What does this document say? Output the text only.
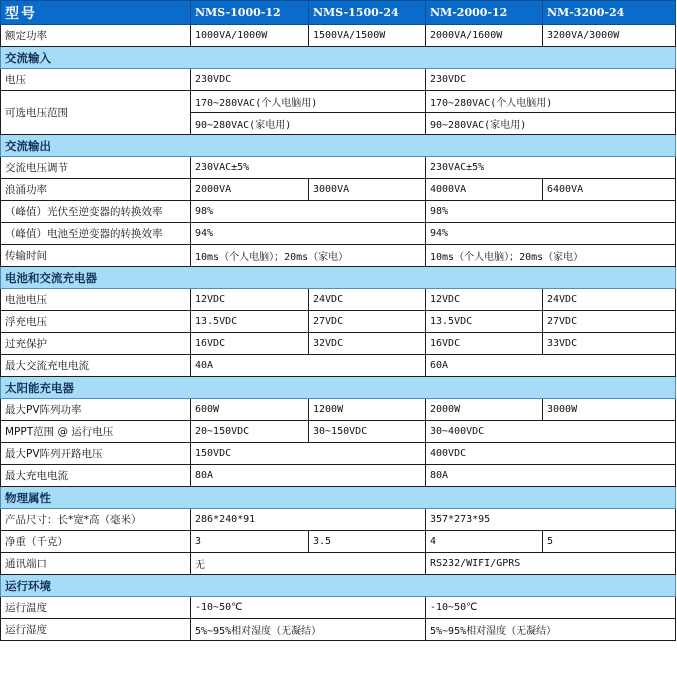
型号	NMS-1000-12	NMS-1500-24	NM-2000-12	NM-3200-24
额定功率	1000VA/1000W	1500VA/1500W	2000VA/1600W	3200VA/3000W
交流输入				
电压	230VDC		230VDC	
可选电压范围	170~280VAC(个人电脑用)		170~280VAC(个人电脑用)	
	90~280VAC(家电用)		90~280VAC(家电用)	
交流输出				
交流电压调节	230VAC±5%		230VAC±5%	
浪涌功率	2000VA	3000VA	4000VA	6400VA
（峰值）光伏至逆变器的转换效率	98%		98%	
（峰值）电池至逆变器的转换效率	94%		94%	
传输时间	10ms（个人电脑）；20ms（家电）		10ms（个人电脑）；20ms（家电）	
电池和交流充电器				
电池电压	12VDC	24VDC	12VDC	24VDC
浮充电压	13.5VDC	27VDC	13.5VDC	27VDC
过充保护	16VDC	32VDC	16VDC	33VDC
最大交流充电电流	40A		60A	
太阳能充电器				
最大PV阵列功率	600W	1200W	2000W	3000W
MPPT范围 @ 运行电压	20~150VDC	30~150VDC	30~400VDC	
最大PV阵列开路电压	150VDC		400VDC	
最大充电电流	80A		80A	
物理属性				
产品尺寸：长*宽*高（毫米）	286*240*91		357*273*95	
净重（千克）	3	3.5	4	5
通讯端口	无		RS232/WIFI/GPRS	
运行环境				
运行温度	-10~50℃		-10~50℃	
运行湿度	5%~95%相对湿度（无凝结）		5%~95%相对湿度（无凝结）	
